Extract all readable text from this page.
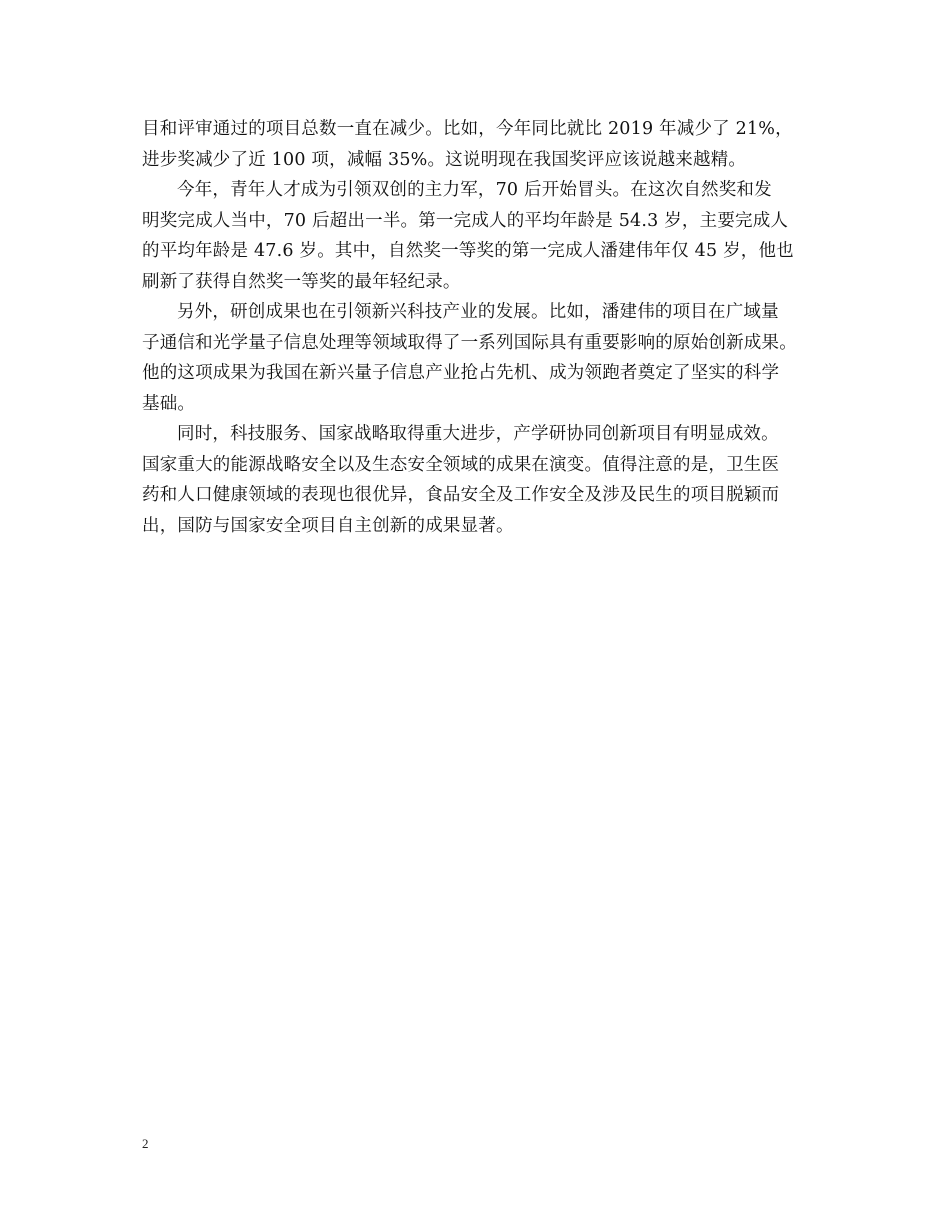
目和评审通过的项目总数一直在减少。比如，今年同比就比 2019 年减少了 21%，
进步奖减少了近 100 项，减幅 35%。这说明现在我国奖评应该说越来越精。

今年，青年人才成为引领双创的主力军，70 后开始冒头。在这次自然奖和发
明奖完成人当中，70 后超出一半。第一完成人的平均年龄是 54.3 岁，主要完成人
的平均年龄是 47.6 岁。其中，自然奖一等奖的第一完成人潘建伟年仅 45 岁，他也
刷新了获得自然奖一等奖的最年轻纪录。

另外，研创成果也在引领新兴科技产业的发展。比如，潘建伟的项目在广域量
子通信和光学量子信息处理等领域取得了一系列国际具有重要影响的原始创新成果。
他的这项成果为我国在新兴量子信息产业抢占先机、成为领跑者奠定了坚实的科学
基础。

同时，科技服务、国家战略取得重大进步，产学研协同创新项目有明显成效。
国家重大的能源战略安全以及生态安全领域的成果在演变。值得注意的是，卫生医
药和人口健康领域的表现也很优异，食品安全及工作安全及涉及民生的项目脱颖而
出，国防与国家安全项目自主创新的成果显著。

2
